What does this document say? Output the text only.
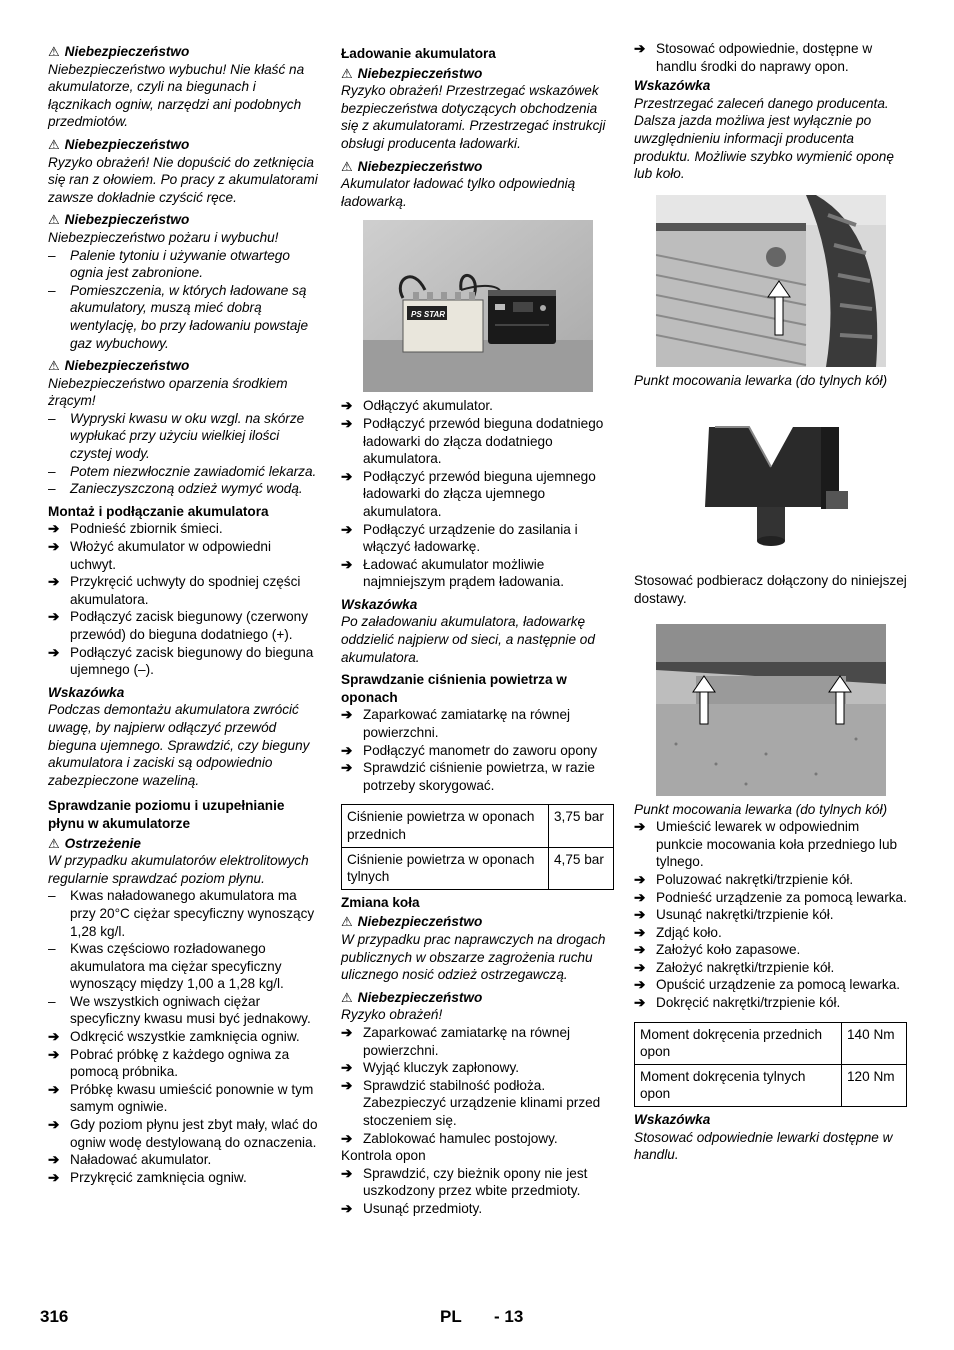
⚠ Niebezpieczeństwo

Niebezpieczeństwo wybuchu! Nie kłaść na akumulatorze, czyli na biegunach i łącznikach ogniw, narzędzi ani podobnych przedmiotów.

⚠ Niebezpieczeństwo

Ryzyko obrażeń! Nie dopuścić do zetknięcia się ran z ołowiem. Po pracy z akumulatorami zawsze dokładnie czyścić ręce.

⚠ Niebezpieczeństwo

Niebezpieczeństwo pożaru i wybuchu!

– Palenie tytoniu i używanie otwartego ognia jest zabronione.
– Pomieszczenia, w których ładowane są akumulatory, muszą mieć dobrą wentylację, bo przy ładowaniu powstaje gaz wybuchowy.
⚠ Niebezpieczeństwo

Niebezpieczeństwo oparzenia środkiem żrącym!

– Wypryski kwasu w oku wzgl. na skórze wypłukać przy użyciu wielkiej ilości czystej wody.
– Potem niezwłocznie zawiadomić lekarza.
– Zanieczyszczoną odzież wymyć wodą.
Montaż i podłączanie akumulatora
➔ Podnieść zbiornik śmieci.
➔ Włożyć akumulator w odpowiedni uchwyt.
➔ Przykręcić uchwyty do spodniej części akumulatora.
➔ Podłączyć zacisk biegunowy (czerwony przewód) do bieguna dodatniego (+).
➔ Podłączyć zacisk biegunowy do bieguna ujemnego (–).
Wskazówka

Podczas demontażu akumulatora zwrócić uwagę, by najpierw odłączyć przewód bieguna ujemnego. Sprawdzić, czy bieguny akumulatora i zaciski są odpowiednio zabezpieczone wazeliną.

Sprawdzanie poziomu i uzupełnianie płynu w akumulatorze
⚠ Ostrzeżenie

W przypadku akumulatorów elektrolitowych regularnie sprawdzać poziom płynu.

– Kwas naładowanego akumulatora ma przy 20°C ciężar specyficzny wynoszący 1,28 kg/l.
– Kwas częściowo rozładowanego akumulatora ma ciężar specyficzny wynoszący między 1,00 a 1,28 kg/l.
– We wszystkich ogniwach ciężar specyficzny kwasu musi być jednakowy.
➔ Odkręcić wszystkie zamknięcia ogniw.
➔ Pobrać próbkę z każdego ogniwa za pomocą próbnika.
➔ Próbkę kwasu umieścić ponownie w tym samym ogniwie.
➔ Gdy poziom płynu jest zbyt mały, wlać do ogniw wodę destylowaną do oznaczenia.
➔ Naładować akumulator.
➔ Przykręcić zamknięcia ogniw.
Ładowanie akumulatora
⚠ Niebezpieczeństwo

Ryzyko obrażeń! Przestrzegać wskazówek bezpieczeństwa dotyczących obchodzenia się z akumulatorami. Przestrzegać instrukcji obsługi producenta ładowarki.

⚠ Niebezpieczeństwo

Akumulator ładować tylko odpowiednią ładowarką.

PS STAR
➔ Odłączyć akumulator.
➔ Podłączyć przewód bieguna dodatniego ładowarki do złącza dodatniego akumulatora.
➔ Podłączyć przewód bieguna ujemnego ładowarki do złącza ujemnego akumulatora.
➔ Podłączyć urządzenie do zasilania i włączyć ładowarkę.
➔ Ładować akumulator możliwie najmniejszym prądem ładowania.
Wskazówka

Po załadowaniu akumulatora, ładowarkę oddzielić najpierw od sieci, a następnie od akumulatora.

Sprawdzanie ciśnienia powietrza w oponach
➔ Zaparkować zamiatarkę na równej powierzchni.
➔ Podłączyć manometr do zaworu opony
➔ Sprawdzić ciśnienie powietrza, w razie potrzeby skorygować.
Ciśnienie powietrza w oponach przednich	3,75 bar
Ciśnienie powietrza w oponach tylnych	4,75 bar
Zmiana koła
⚠ Niebezpieczeństwo

W przypadku prac naprawczych na drogach publicznych w obszarze zagrożenia ruchu ulicznego nosić odzież ostrzegawczą.

⚠ Niebezpieczeństwo

Ryzyko obrażeń!

➔ Zaparkować zamiatarkę na równej powierzchni.
➔ Wyjąć kluczyk zapłonowy.
➔ Sprawdzić stabilność podłoża. Zabezpieczyć urządzenie klinami przed stoczeniem się.
➔ Zablokować hamulec postojowy.

Kontrola opon

➔ Sprawdzić, czy bieżnik opony nie jest uszkodzony przez wbite przedmioty.
➔ Usunąć przedmioty.
➔ Stosować odpowiednie, dostępne w handlu środki do naprawy opon.
Wskazówka

Przestrzegać zaleceń danego producenta. Dalsza jazda możliwa jest wyłącznie po uwzględnieniu informacji producenta produktu. Możliwie szybko wymienić oponę lub koło.

Punkt mocowania lewarka (do tylnych kół)

Stosować podbieracz dołączony do niniejszej dostawy.

Punkt mocowania lewarka (do tylnych kół)

➔ Umieścić lewarek w odpowiednim punkcie mocowania koła przedniego lub tylnego.
➔ Poluzować nakrętki/trzpienie kół.
➔ Podnieść urządzenie za pomocą lewarka.
➔ Usunąć nakrętki/trzpienie kół.
➔ Zdjąć koło.
➔ Założyć koło zapasowe.
➔ Założyć nakrętki/trzpienie kół.
➔ Opuścić urządzenie za pomocą lewarka.
➔ Dokręcić nakrętki/trzpienie kół.
Moment dokręcenia przednich opon	140 Nm
Moment dokręcenia tylnych opon	120 Nm
Wskazówka

Stosować odpowiednie lewarki dostępne w handlu.

316	PL - 13
